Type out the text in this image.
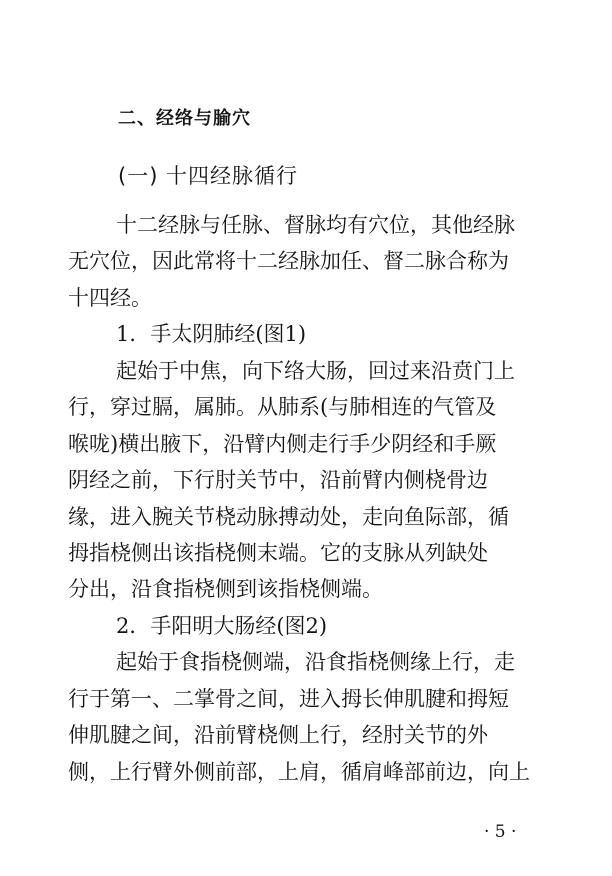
二、经络与腧穴
(一) 十四经脉循行
十二经脉与任脉、督脉均有穴位，其他经脉
无穴位，因此常将十二经脉加任、督二脉合称为
十四经。
1．手太阴肺经(图1)
起始于中焦，向下络大肠，回过来沿贲门上
行，穿过膈，属肺。从肺系(与肺相连的气管及
喉咙)横出腋下，沿臂内侧走行手少阴经和手厥
阴经之前，下行肘关节中，沿前臂内侧桡骨边
缘，进入腕关节桡动脉搏动处，走向鱼际部，循
拇指桡侧出该指桡侧末端。它的支脉从列缺处
分出，沿食指桡侧到该指桡侧端。
2．手阳明大肠经(图2)
起始于食指桡侧端，沿食指桡侧缘上行，走
行于第一、二掌骨之间，进入拇长伸肌腱和拇短
伸肌腱之间，沿前臂桡侧上行，经肘关节的外
侧，上行臂外侧前部，上肩，循肩峰部前边，向上
· 5 ·
